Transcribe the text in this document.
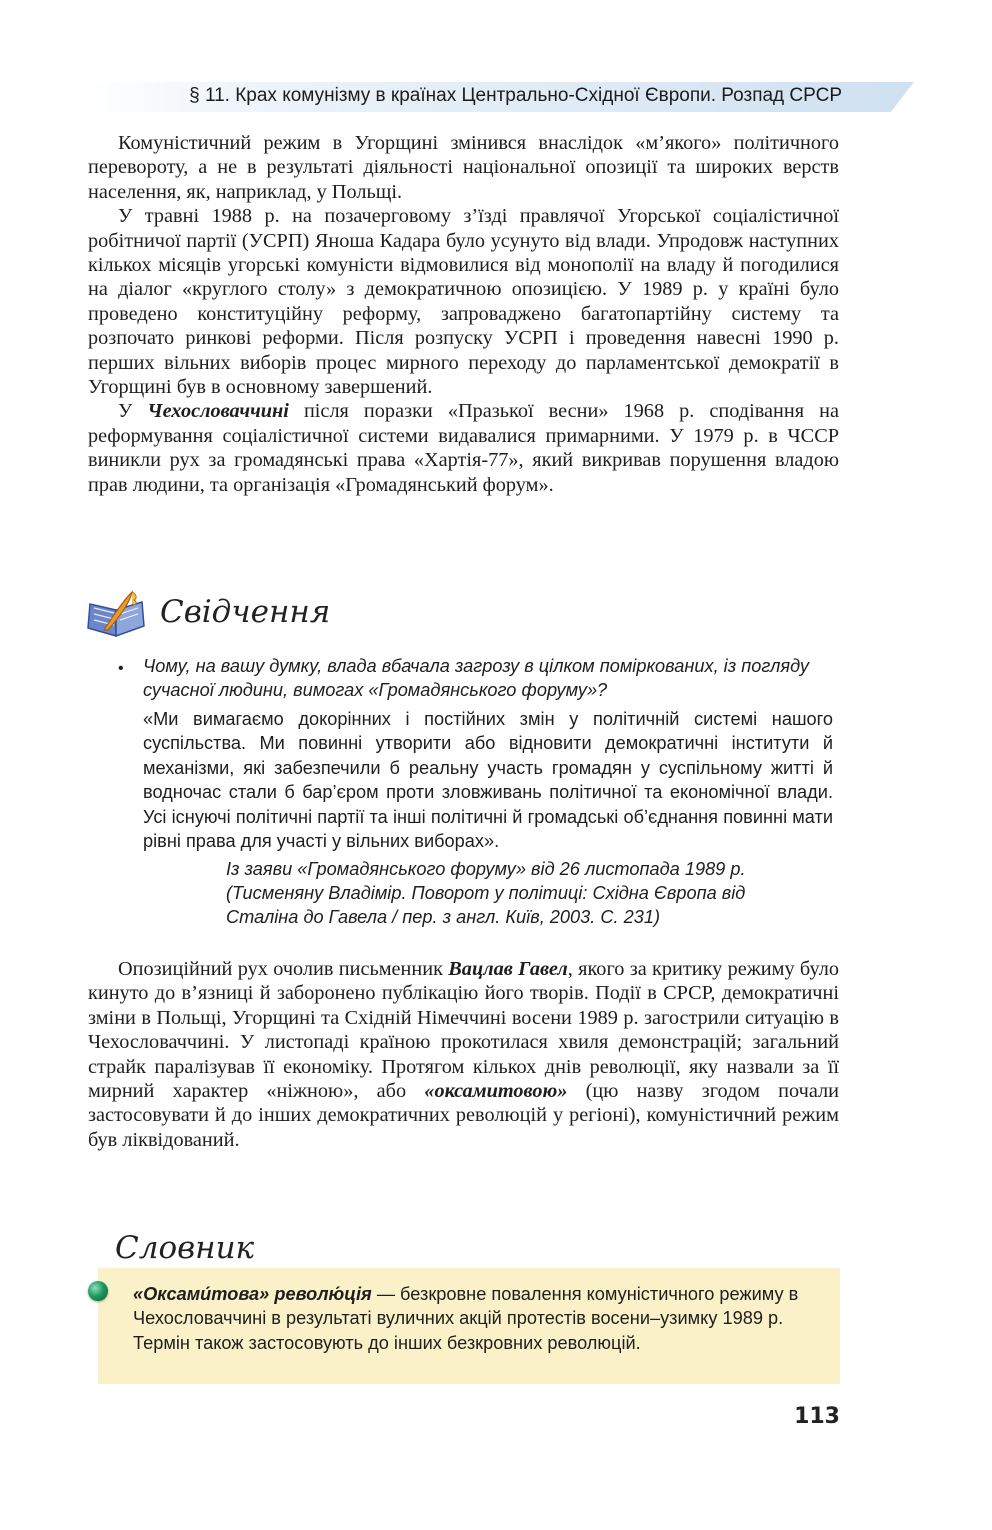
§ 11. Крах комунізму в країнах Центрально-Східної Європи. Розпад СРСР

Комуністичний режим в Угорщині змінився внаслідок «м’якого» політичного перевороту, а не в результаті діяльності національної опозиції та широких верств населення, як, наприклад, у Польщі.

У травні 1988 р. на позачерговому з’їзді правлячої Угорської соціалістичної робітничої партії (УСРП) Яноша Кадара було усунуто від влади. Упродовж наступних кількох місяців угорські комуністи відмовилися від монополії на владу й погодилися на діалог «круглого столу» з демократичною опозицією. У 1989 р. у країні було проведено конституційну реформу, запроваджено багатопартійну систему та розпочато ринкові реформи. Після розпуску УСРП і проведення навесні 1990 р. перших вільних виборів процес мирного переходу до парламентської демократії в Угорщині був в основному завершений.

У Чехословаччині після поразки «Празької весни» 1968 р. сподівання на реформування соціалістичної системи видавалися примарними. У 1979 р. в ЧССР виникли рух за громадянські права «Хартія-77», який викривав порушення владою прав людини, та організація «Громадянський форум».

Свідчення
• Чому, на вашу думку, влада вбачала загрозу в цілком поміркованих, із погляду сучасної людини, вимогах «Громадянського форуму»?

«Ми вимагаємо докорінних і постійних змін у політичній системі нашого суспільства. Ми повинні утворити або відновити демократичні інститути й механізми, які забезпечили б реальну участь громадян у суспільному житті й водночас стали б бар’єром проти зловживань політичної та економічної влади. Усі існуючі політичні партії та інші політичні й громадські об’єднання повинні мати рівні права для участі у вільних виборах».

Із заяви «Громадянського форуму» від 26 листопада 1989 р.
(Тисменяну Владімір. Поворот у політиці: Східна Європа від
Сталіна до Гавела / пер. з англ. Київ, 2003. С. 231)

Опозиційний рух очолив письменник Вацлав Гавел, якого за критику режиму було кинуто до в’язниці й заборонено публікацію його творів. Події в СРСР, демократичні зміни в Польщі, Угорщині та Східній Німеччині восени 1989 р. загострили ситуацію в Чехословаччині. У листопаді країною прокотилася хвиля демонстрацій; загальний страйк паралізував її економіку. Протягом кількох днів революції, яку назвали за її мирний характер «ніжною», або «оксамитовою» (цю назву згодом почали застосовувати й до інших демократичних революцій у регіоні), комуністичний режим був ліквідований.

Словник

«Оксами́това» револю́ція — безкровне повалення комуністичного режиму в Чехословаччині в результаті вуличних акцій протестів восени–узимку 1989 р. Термін також застосовують до інших безкровних революцій.

113
